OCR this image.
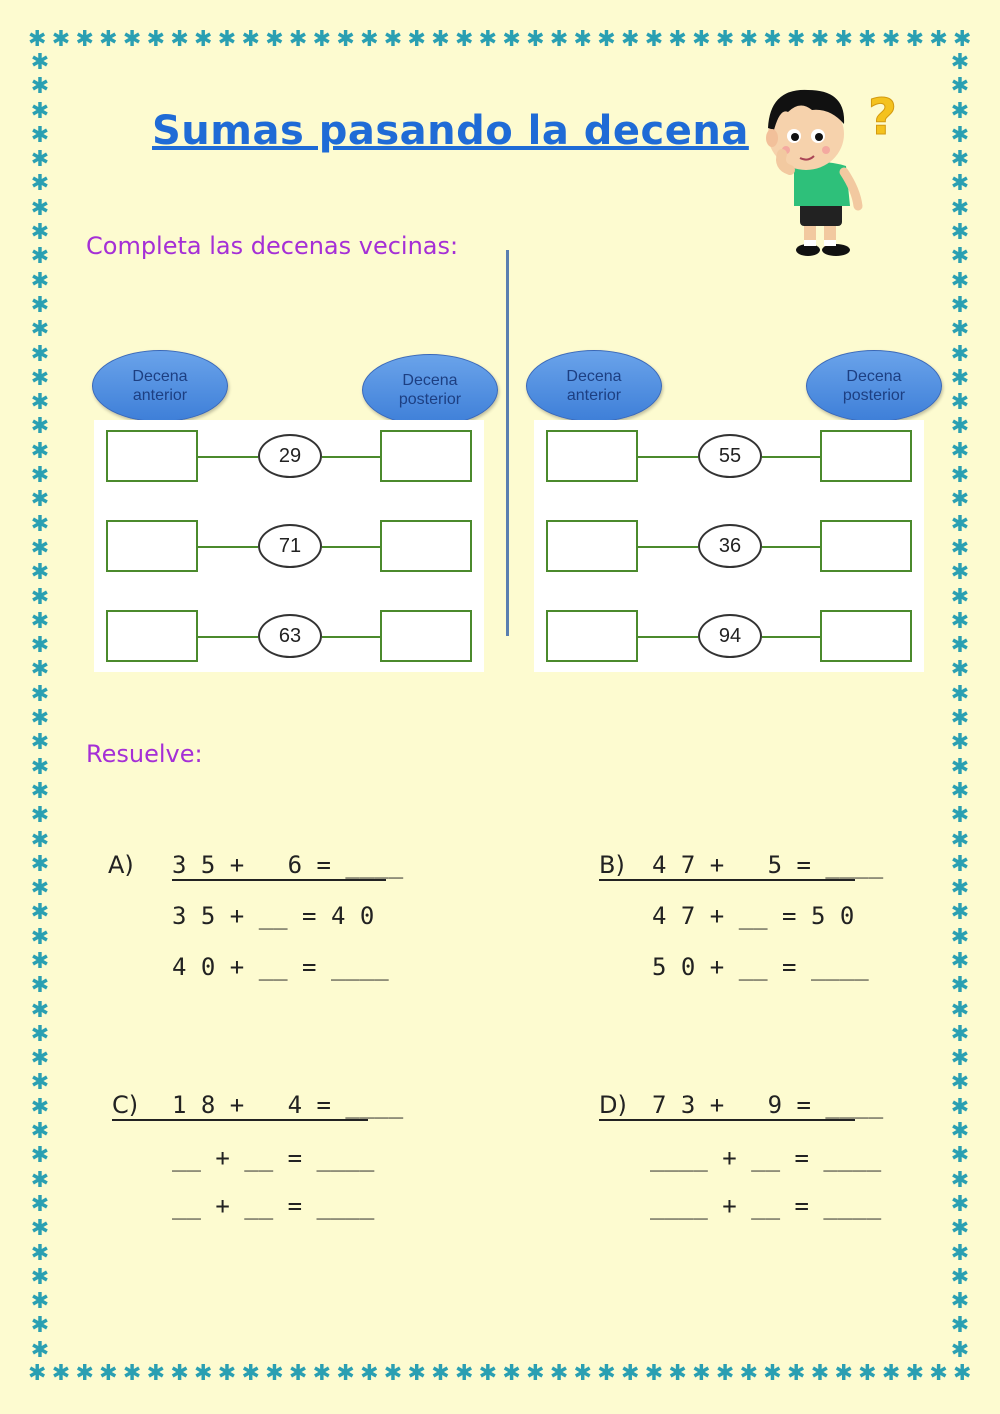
✱ ✱ ✱ ✱ ✱ ✱ ✱ ✱ ✱ ✱ ✱ ✱ ✱ ✱ ✱ ✱ ✱ ✱ ✱ ✱ ✱ ✱ ✱ ✱ ✱ ✱ ✱ ✱ ✱ ✱ ✱ ✱ ✱ ✱ ✱ ✱ ✱ ✱ ✱ ✱
✱ ✱ ✱ ✱ ✱ ✱ ✱ ✱ ✱ ✱ ✱ ✱ ✱ ✱ ✱ ✱ ✱ ✱ ✱ ✱ ✱ ✱ ✱ ✱ ✱ ✱ ✱ ✱ ✱ ✱ ✱ ✱ ✱ ✱ ✱ ✱ ✱ ✱ ✱ ✱
✱
✱
✱
✱
✱
✱
✱
✱
✱
✱
✱
✱
✱
✱
✱
✱
✱
✱
✱
✱
✱
✱
✱
✱
✱
✱
✱
✱
✱
✱
✱
✱
✱
✱
✱
✱
✱
✱
✱
✱
✱
✱
✱
✱
✱
✱
✱
✱
✱
✱
✱
✱
✱
✱
✱
✱
✱
✱
✱
✱
✱
✱
✱
✱
✱
✱
✱
✱
✱
✱
✱
✱
✱
✱
✱
✱
✱
✱
✱
✱
✱
✱
✱
✱
✱
✱
✱
✱
✱
✱
✱
✱
✱
✱
✱
✱
✱
✱
✱
✱
✱
✱
✱
✱
✱
✱
✱
✱
Sumas pasando la decena ?
Completa las decenas vecinas:
Decena
anterior
Decena
posterior
29
71
63
Decena
anterior
Decena
posterior
55
36
94
Resuelve:
A) 3 5 +   6 = ____
3 5 + __ = 4 0
4 0 + __ = ____
B) 4 7 +   5 = ____
4 7 + __ = 5 0
5 0 + __ = ____
C) 1 8 +   4 = ____
__ + __ = ____
__ + __ = ____
D) 7 3 +   9 = ____
____ + __ = ____
____ + __ = ____
